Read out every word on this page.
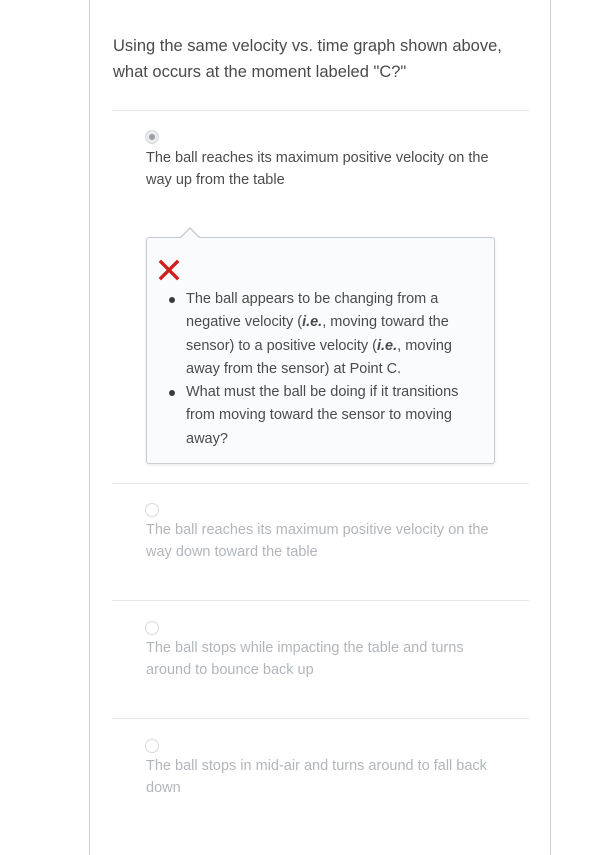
Using the same velocity vs. time graph shown above, what occurs at the moment labeled "C?"
The ball reaches its maximum positive velocity on the way up from the table
The ball appears to be changing from a negative velocity (i.e., moving toward the sensor) to a positive velocity (i.e., moving away from the sensor) at Point C.
What must the ball be doing if it transitions from moving toward the sensor to moving away?
The ball reaches its maximum positive velocity on the way down toward the table
The ball stops while impacting the table and turns around to bounce back up
The ball stops in mid-air and turns around to fall back down
